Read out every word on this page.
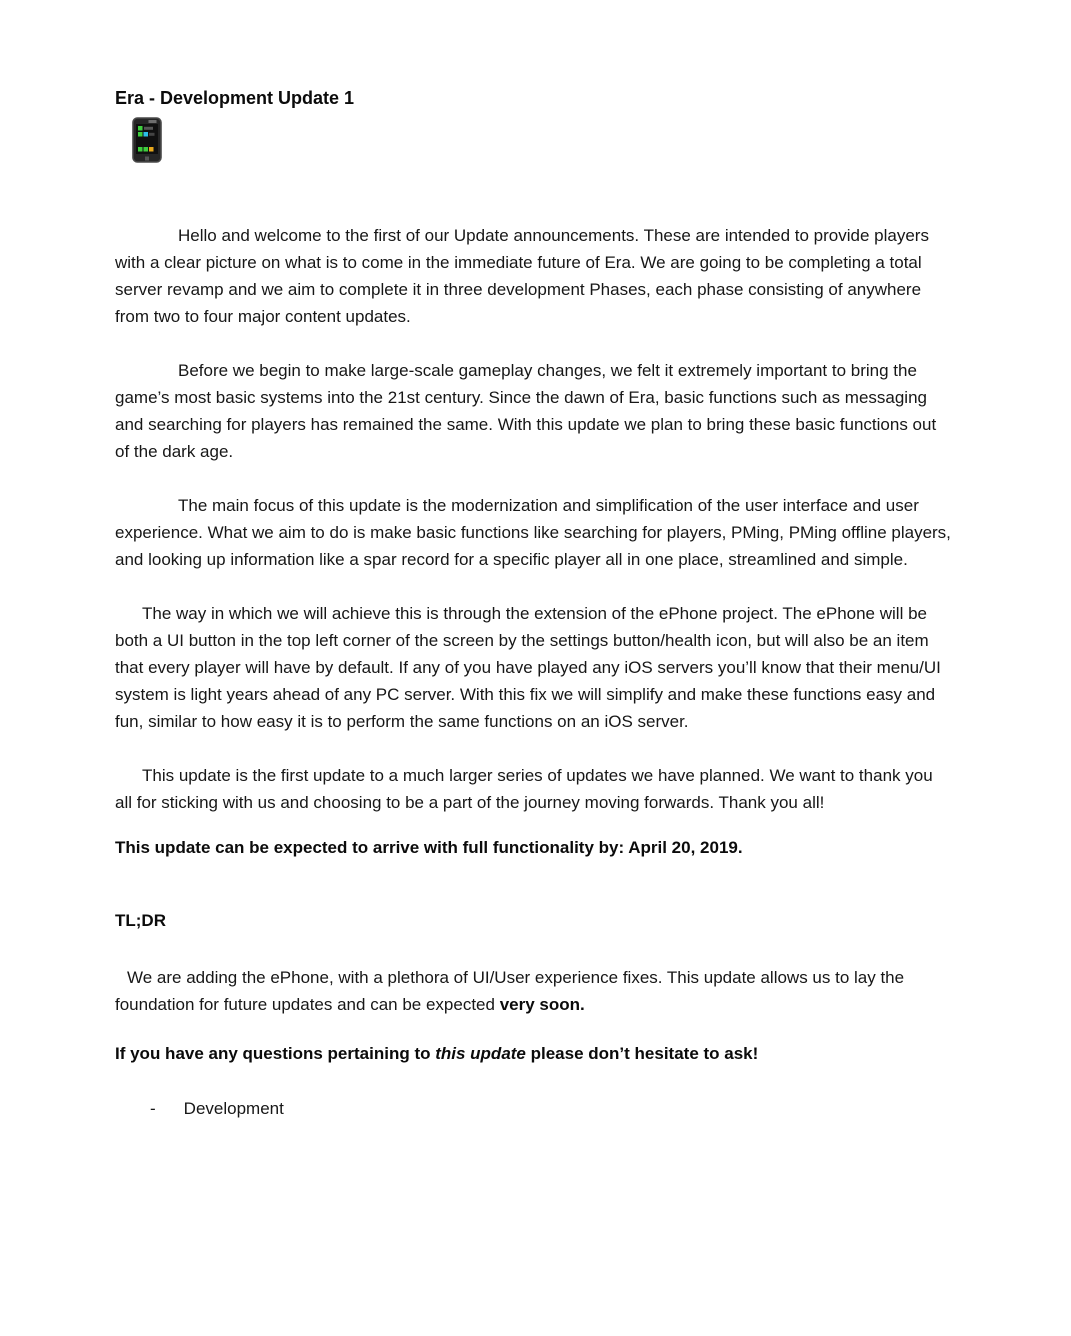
Era - Development Update 1

Hello and welcome to the first of our Update announcements. These are intended to provide players with a clear picture on what is to come in the immediate future of Era. We are going to be completing a total server revamp and we aim to complete it in three development Phases, each phase consisting of anywhere from two to four major content updates.

Before we begin to make large-scale gameplay changes, we felt it extremely important to bring the game’s most basic systems into the 21st century. Since the dawn of Era, basic functions such as messaging and searching for players has remained the same. With this update we plan to bring these basic functions out of the dark age.

The main focus of this update is the modernization and simplification of the user interface and user experience. What we aim to do is make basic functions like searching for players, PMing, PMing offline players, and looking up information like a spar record for a specific player all in one place, streamlined and simple.

The way in which we will achieve this is through the extension of the ePhone project. The ePhone will be both a UI button in the top left corner of the screen by the settings button/health icon, but will also be an item that every player will have by default. If any of you have played any iOS servers you’ll know that their menu/UI system is light years ahead of any PC server. With this fix we will simplify and make these functions easy and fun, similar to how easy it is to perform the same functions on an iOS server.

This update is the first update to a much larger series of updates we have planned. We want to thank you all for sticking with us and choosing to be a part of the journey moving forwards. Thank you all!

This update can be expected to arrive with full functionality by: April 20, 2019.

TL;DR

We are adding the ePhone, with a plethora of UI/User experience fixes. This update allows us to lay the foundation for future updates and can be expected very soon.

If you have any questions pertaining to this update please don’t hesitate to ask!

- Development
